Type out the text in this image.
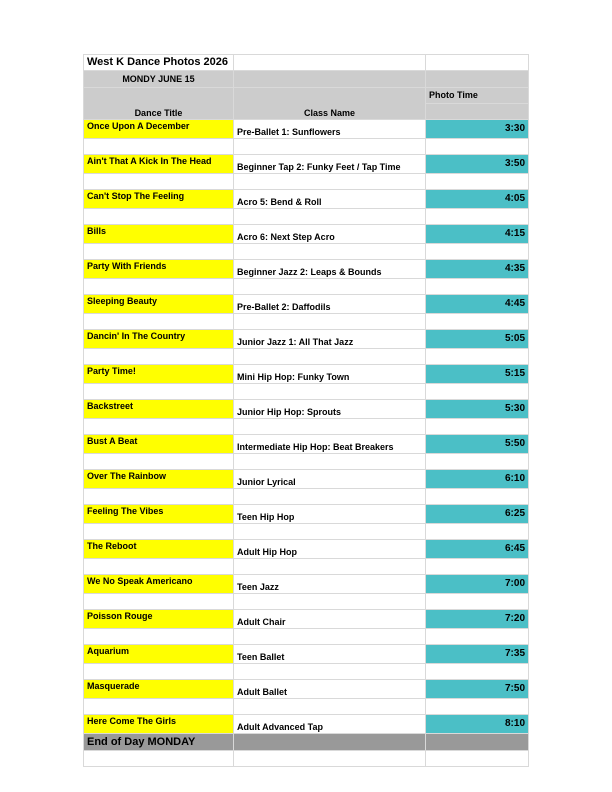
West K Dance Photos 2026		
MONDY JUNE 15		
Dance Title	Class Name	Photo Time

Once Upon A December	Pre-Ballet 1: Sunflowers	3:30

Ain't That A Kick In The Head	Beginner Tap 2: Funky Feet / Tap Time	3:50

Can't Stop The Feeling	Acro 5: Bend & Roll	4:05

Bills	Acro 6: Next Step Acro	4:15

Party With Friends	Beginner Jazz 2: Leaps & Bounds	4:35

Sleeping Beauty	Pre-Ballet 2: Daffodils	4:45

Dancin' In The Country	Junior Jazz 1: All That Jazz	5:05

Party Time!	Mini Hip Hop: Funky Town	5:15

Backstreet	Junior Hip Hop: Sprouts	5:30

Bust A Beat	Intermediate Hip Hop: Beat Breakers	5:50

Over The Rainbow	Junior Lyrical	6:10

Feeling The Vibes	Teen Hip Hop	6:25

The Reboot	Adult Hip Hop	6:45

We No Speak Americano	Teen Jazz	7:00

Poisson Rouge	Adult Chair	7:20

Aquarium	Teen Ballet	7:35

Masquerade	Adult Ballet	7:50

Here Come The Girls	Adult Advanced Tap	8:10
End of Day MONDAY		
